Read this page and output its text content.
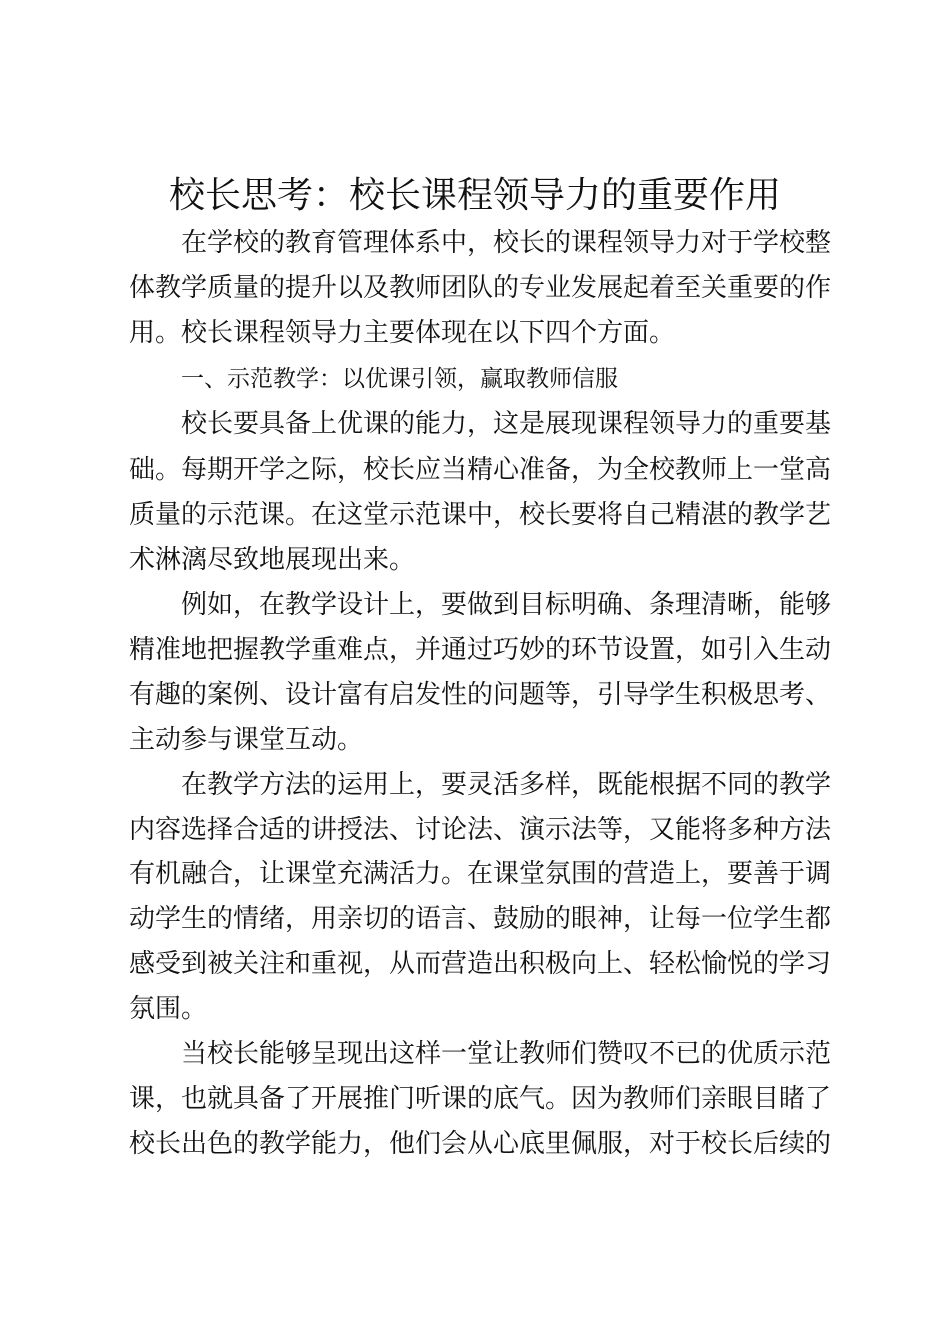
校长思考：校长课程领导力的重要作用
在学校的教育管理体系中，校长的课程领导力对于学校整
体教学质量的提升以及教师团队的专业发展起着至关重要的作
用。校长课程领导力主要体现在以下四个方面。
一、示范教学：以优课引领，赢取教师信服
校长要具备上优课的能力，这是展现课程领导力的重要基
础。每期开学之际，校长应当精心准备，为全校教师上一堂高
质量的示范课。在这堂示范课中，校长要将自己精湛的教学艺
术淋漓尽致地展现出来。
例如，在教学设计上，要做到目标明确、条理清晰，能够
精准地把握教学重难点，并通过巧妙的环节设置，如引入生动
有趣的案例、设计富有启发性的问题等，引导学生积极思考、
主动参与课堂互动。
在教学方法的运用上，要灵活多样，既能根据不同的教学
内容选择合适的讲授法、讨论法、演示法等，又能将多种方法
有机融合，让课堂充满活力。在课堂氛围的营造上，要善于调
动学生的情绪，用亲切的语言、鼓励的眼神，让每一位学生都
感受到被关注和重视，从而营造出积极向上、轻松愉悦的学习
氛围。
当校长能够呈现出这样一堂让教师们赞叹不已的优质示范
课，也就具备了开展推门听课的底气。因为教师们亲眼目睹了
校长出色的教学能力，他们会从心底里佩服，对于校长后续的
